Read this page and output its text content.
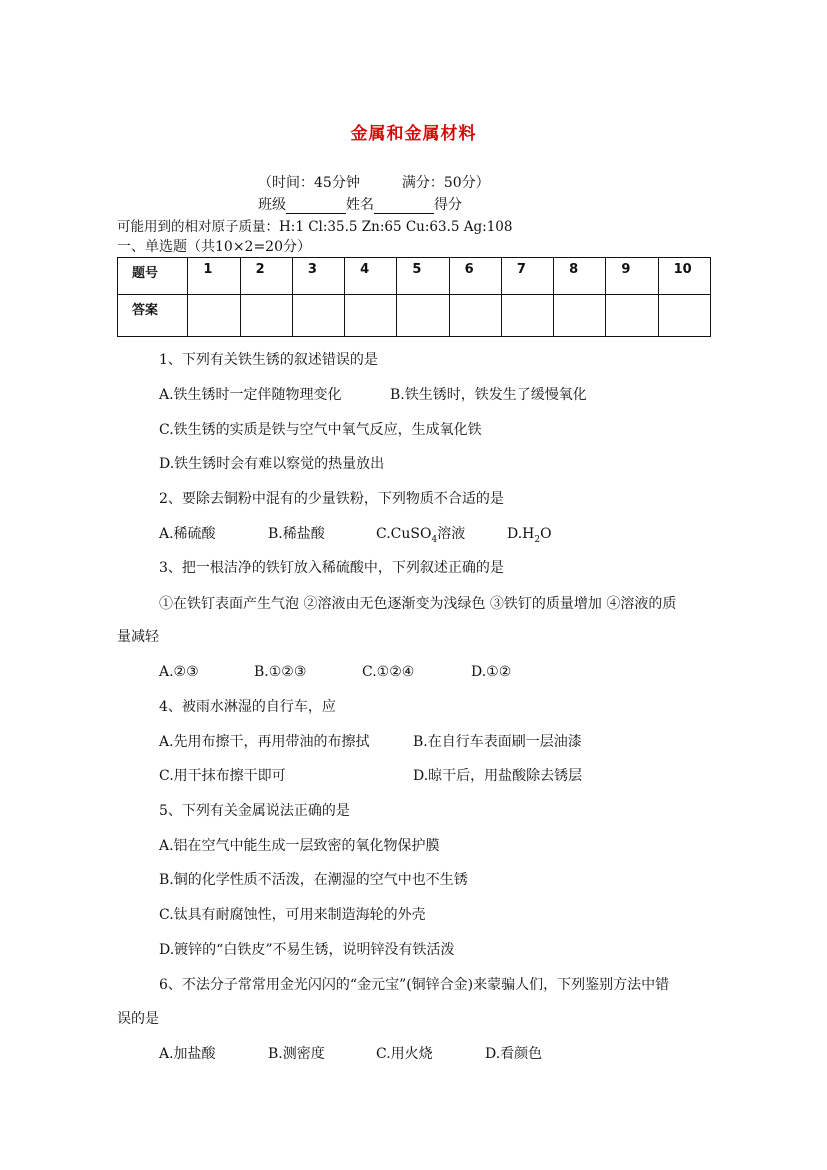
金属和金属材料
（时间：45分钟　　　满分：50分）
班级	姓名	得分
可能用到的相对原子质量：H:1 Cl:35.5 Zn:65 Cu:63.5 Ag:108
一、单选题（共10×2=20分）
题号	1	2	3	4	5	6	7	8	9	10
答案										
1、下列有关铁生锈的叙述错误的是
A.铁生锈时一定伴随物理变化	B.铁生锈时，铁发生了缓慢氧化
C.铁生锈的实质是铁与空气中氧气反应，生成氧化铁
D.铁生锈时会有难以察觉的热量放出
2、要除去铜粉中混有的少量铁粉，下列物质不合适的是
A.稀硫酸	B.稀盐酸	C.CuSO$_4$溶液	$D.H_2O$
3、把一根洁净的铁钉放入稀硫酸中，下列叙述正确的是
①在铁钉表面产生气泡 ②溶液由无色逐渐变为浅绿色 ③铁钉的质量增加 ④溶液的质
量减轻
A.②③	B.①②③	C.①②④	D.①②
4、被雨水淋湿的自行车，应
A.先用布擦干，再用带油的布擦拭	B.在自行车表面刷一层油漆
C.用干抹布擦干即可	D.晾干后，用盐酸除去锈层
5、下列有关金属说法正确的是
A.铝在空气中能生成一层致密的氧化物保护膜
B.铜的化学性质不活泼，在潮湿的空气中也不生锈
C.钛具有耐腐蚀性，可用来制造海轮的外壳
D.镀锌的“白铁皮”不易生锈，说明锌没有铁活泼
6、不法分子常常用金光闪闪的“金元宝”(铜锌合金)来蒙骗人们，下列鉴别方法中错
误的是
A.加盐酸	B.测密度	C.用火烧	D.看颜色
